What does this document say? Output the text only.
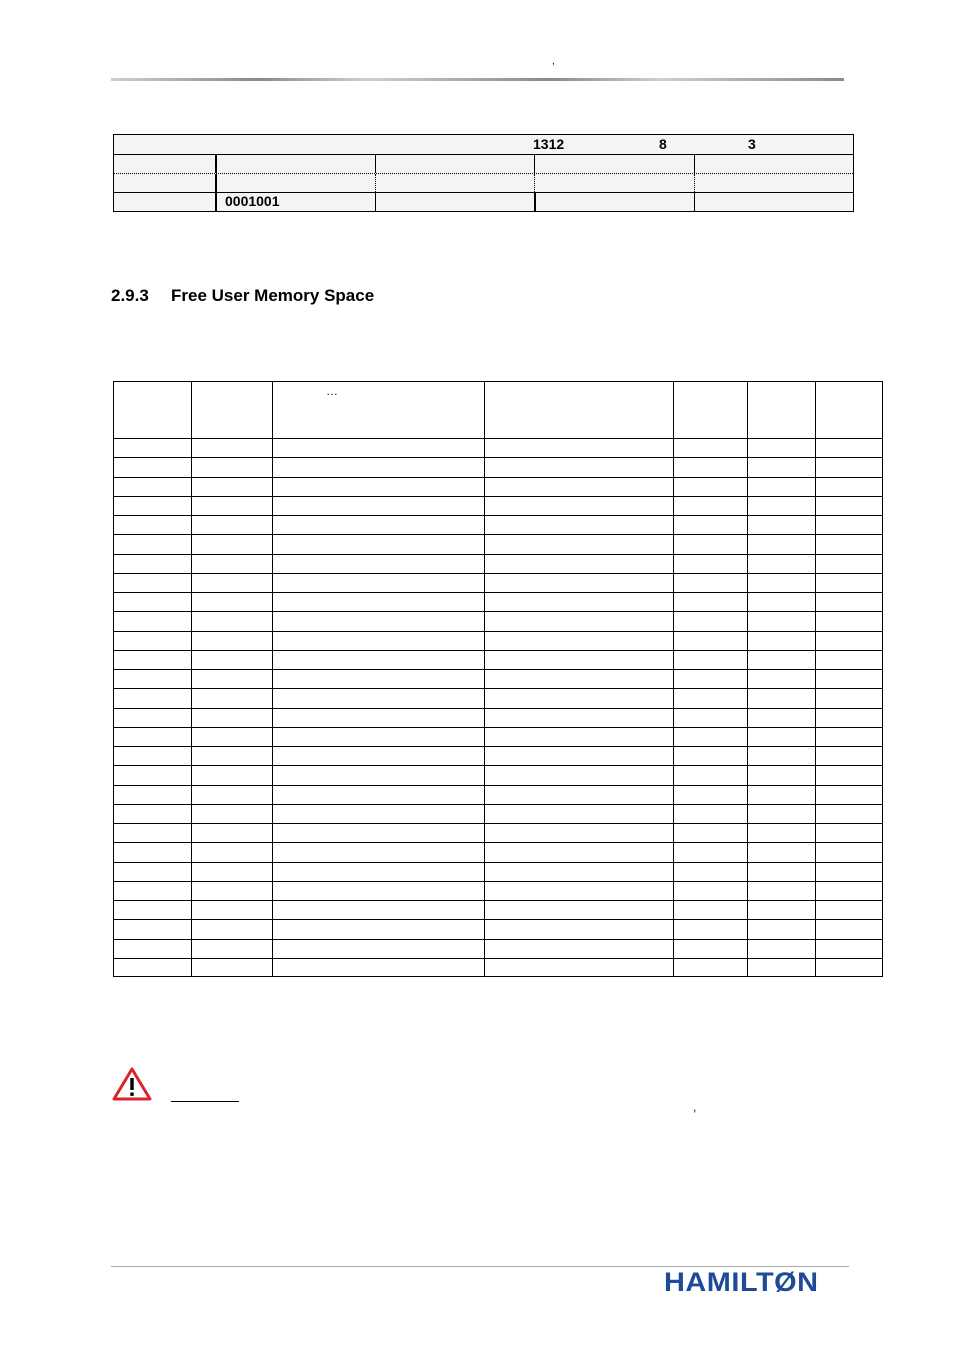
,
1312	8	3
0001001
2.9.3 Free User Memory Space
…
,
HAMILTØN
